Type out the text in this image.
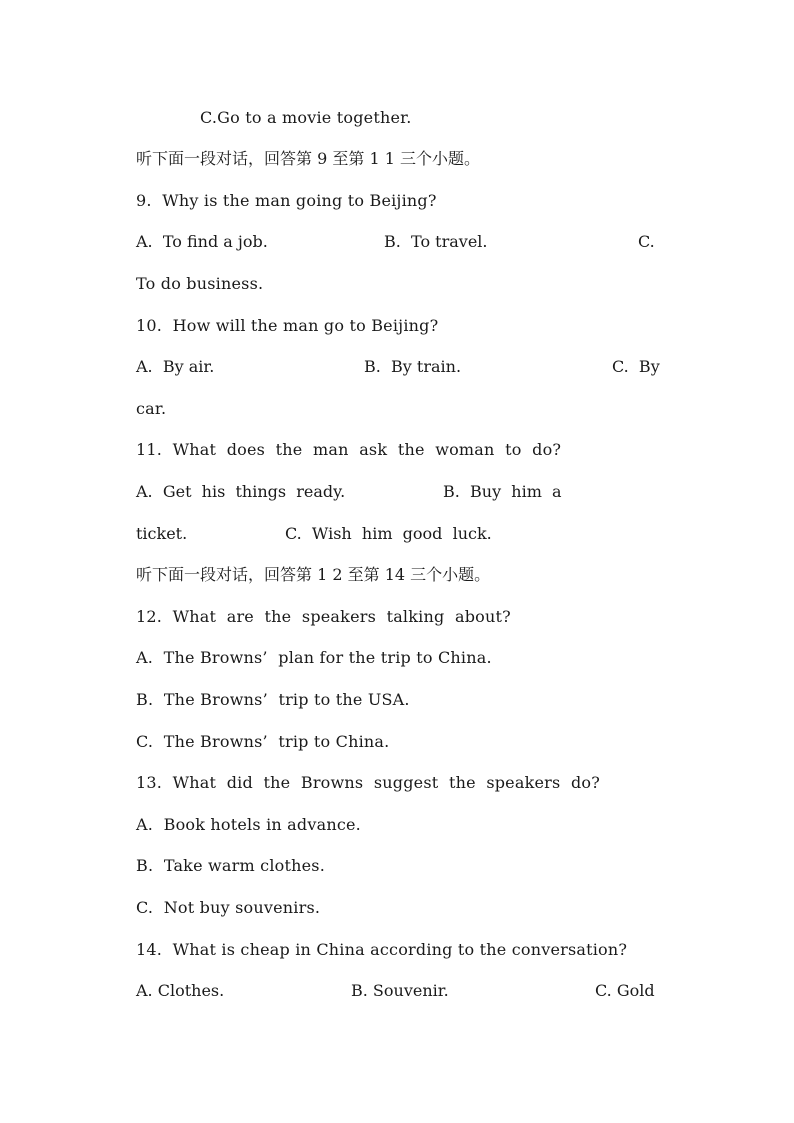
C.Go to a movie together.
听下面一段对话，回答第 9 至第 1 1 三个小题。
9.  Why is the man going to Beijing?
A.  To find a job.	B.  To travel.	C.
To do business.
10.  How will the man go to Beijing?
A.  By air.	B.  By train.	C.  By
car.
11.  What  does  the  man  ask  the  woman  to  do?
A.  Get  his  things  ready.	B.  Buy  him  a
ticket.	C.  Wish  him  good  luck.
听下面一段对话，回答第 1 2 至第 14 三个小题。
12.  What  are  the  speakers  talking  about?
A.  The Browns’  plan for the trip to China.
B.  The Browns’  trip to the USA.
C.  The Browns’  trip to China.
13.  What  did  the  Browns  suggest  the  speakers  do?
A.  Book hotels in advance.
B.  Take warm clothes.
C.  Not buy souvenirs.
14.  What is cheap in China according to the conversation?
A. Clothes.	B. Souvenir.	C. Gold
